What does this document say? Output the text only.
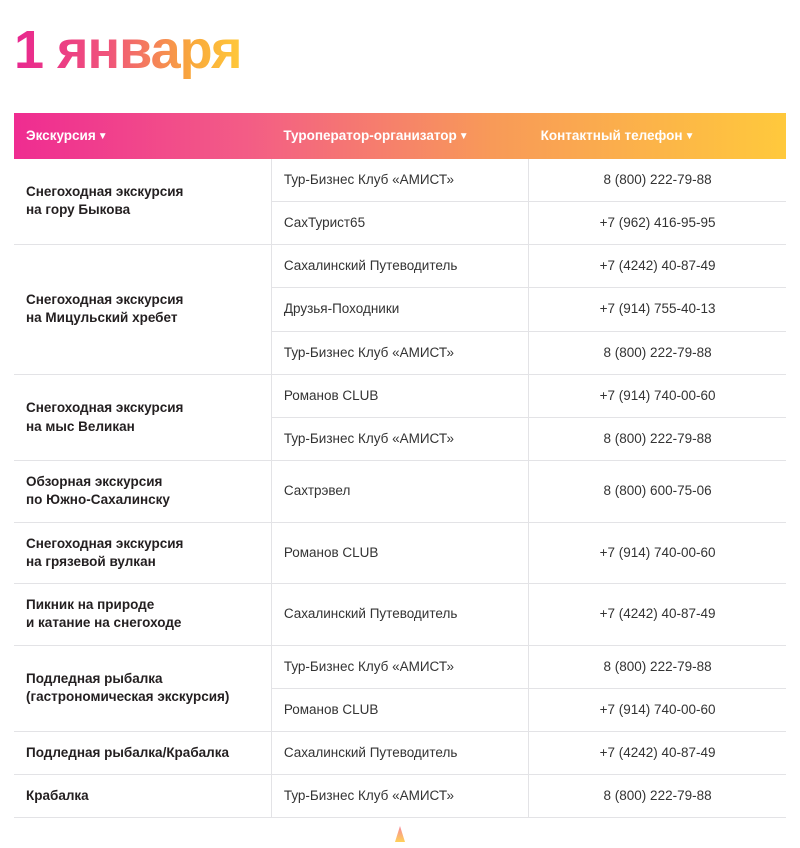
1 января
Экскурсия ▼	Туроператор-организатор ▼	Контактный телефон ▼
Снегоходная экскурсия
на гору Быкова	Тур-Бизнес Клуб «АМИСТ»	8 (800) 222-79-88
	СахТурист65	+7 (962) 416-95-95
Снегоходная экскурсия
на Мицульский хребет	Сахалинский Путеводитель	+7 (4242) 40-87-49
	Друзья-Походники	+7 (914) 755-40-13
	Тур-Бизнес Клуб «АМИСТ»	8 (800) 222-79-88
Снегоходная экскурсия
на мыс Великан	Романов CLUB	+7 (914) 740-00-60
	Тур-Бизнес Клуб «АМИСТ»	8 (800) 222-79-88
Обзорная экскурсия
по Южно-Сахалинску	Сахтрэвел	8 (800) 600-75-06
Снегоходная экскурсия
на грязевой вулкан	Романов CLUB	+7 (914) 740-00-60
Пикник на природе
и катание на снегоходе	Сахалинский Путеводитель	+7 (4242) 40-87-49
Подледная рыбалка
(гастрономическая экскурсия)	Тур-Бизнес Клуб «АМИСТ»	8 (800) 222-79-88
	Романов CLUB	+7 (914) 740-00-60
Подледная рыбалка/Крабалка	Сахалинский Путеводитель	+7 (4242) 40-87-49
Крабалка	Тур-Бизнес Клуб «АМИСТ»	8 (800) 222-79-88
